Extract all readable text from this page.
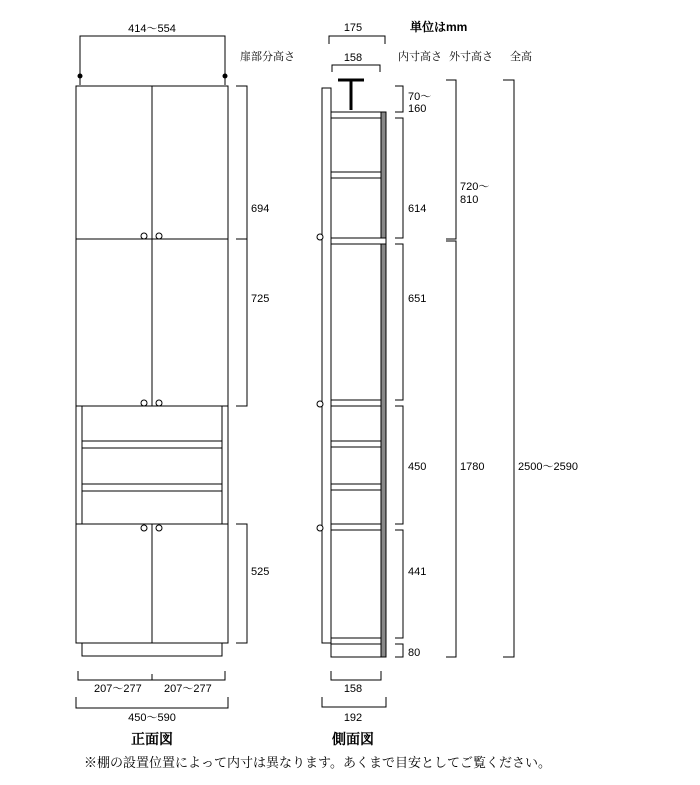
単位はmm
扉部分高さ	内寸高さ 外寸高さ 全高
414〜554
694
725
525
207〜277 207〜277
450〜590
正面図
175
158
70〜
160
614
651
450
441
80
720〜
810
1780	2500〜2590
158
192
側面図
※棚の設置位置によって内寸は異なります。あくまで目安としてご覧ください。
